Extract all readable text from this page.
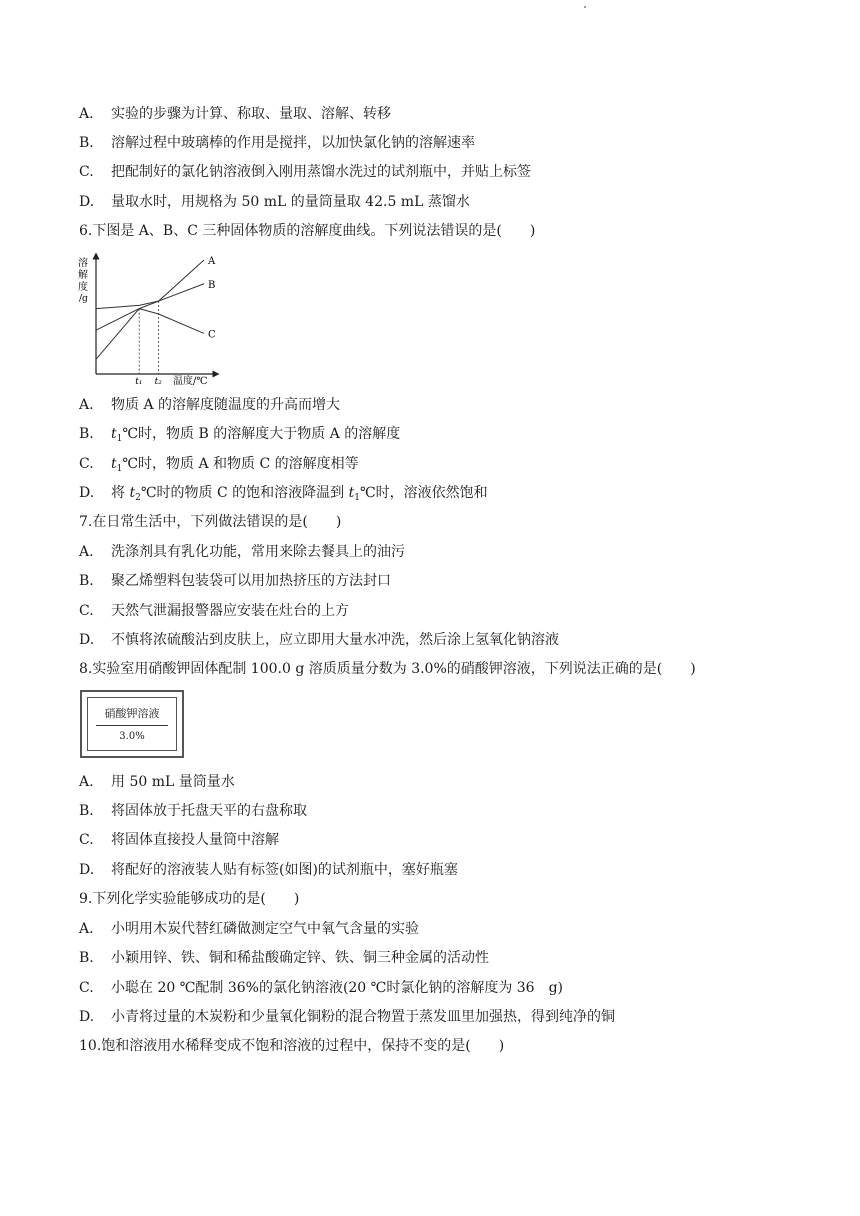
A. 实验的步骤为计算、称取、量取、溶解、转移
B. 溶解过程中玻璃棒的作用是搅拌，以加快氯化钠的溶解速率
C. 把配制好的氯化钠溶液倒入刚用蒸馏水洗过的试剂瓶中，并贴上标签
D. 量取水时，用规格为 50 mL 的量筒量取 42.5 mL 蒸馏水
6.下图是 A、B、C 三种固体物质的溶解度曲线。下列说法错误的是(　　)
A
B
C
t₁ t₂
溶
解
度
/g
温度/℃
A. 物质 A 的溶解度随温度的升高而增大
B. $t_1℃$时，物质 B 的溶解度大于物质 A 的溶解度
C. $t_1℃$时，物质 A 和物质 C 的溶解度相等
D. 将 $t_2℃$时的物质 C 的饱和溶液降温到 $t_1℃$时，溶液依然饱和
7.在日常生活中，下列做法错误的是(　　)
A. 洗涤剂具有乳化功能，常用来除去餐具上的油污
B. 聚乙烯塑料包装袋可以用加热挤压的方法封口
C. 天然气泄漏报警器应安装在灶台的上方
D. 不慎将浓硫酸沾到皮肤上，应立即用大量水冲洗，然后涂上氢氧化钠溶液
8.实验室用硝酸钾固体配制 100.0 g 溶质质量分数为 3.0%的硝酸钾溶液，下列说法正确的是(　　)
硝酸钾溶液
3.0%
A. 用 50 mL 量筒量水
B. 将固体放于托盘天平的右盘称取
C. 将固体直接投人量筒中溶解
D. 将配好的溶液装人贴有标签(如图)的试剂瓶中，塞好瓶塞
9.下列化学实验能够成功的是(　　)
A. 小明用木炭代替红磷做测定空气中氧气含量的实验
B. 小颖用锌、铁、铜和稀盐酸确定锌、铁、铜三种金属的活动性
C. 小聪在 20 ℃配制 36%的氯化钠溶液(20 ℃时氯化钠的溶解度为 36　g)
D. 小青将过量的木炭粉和少量氧化铜粉的混合物置于蒸发皿里加强热，得到纯净的铜
10.饱和溶液用水稀释变成不饱和溶液的过程中，保持不变的是(　　)
